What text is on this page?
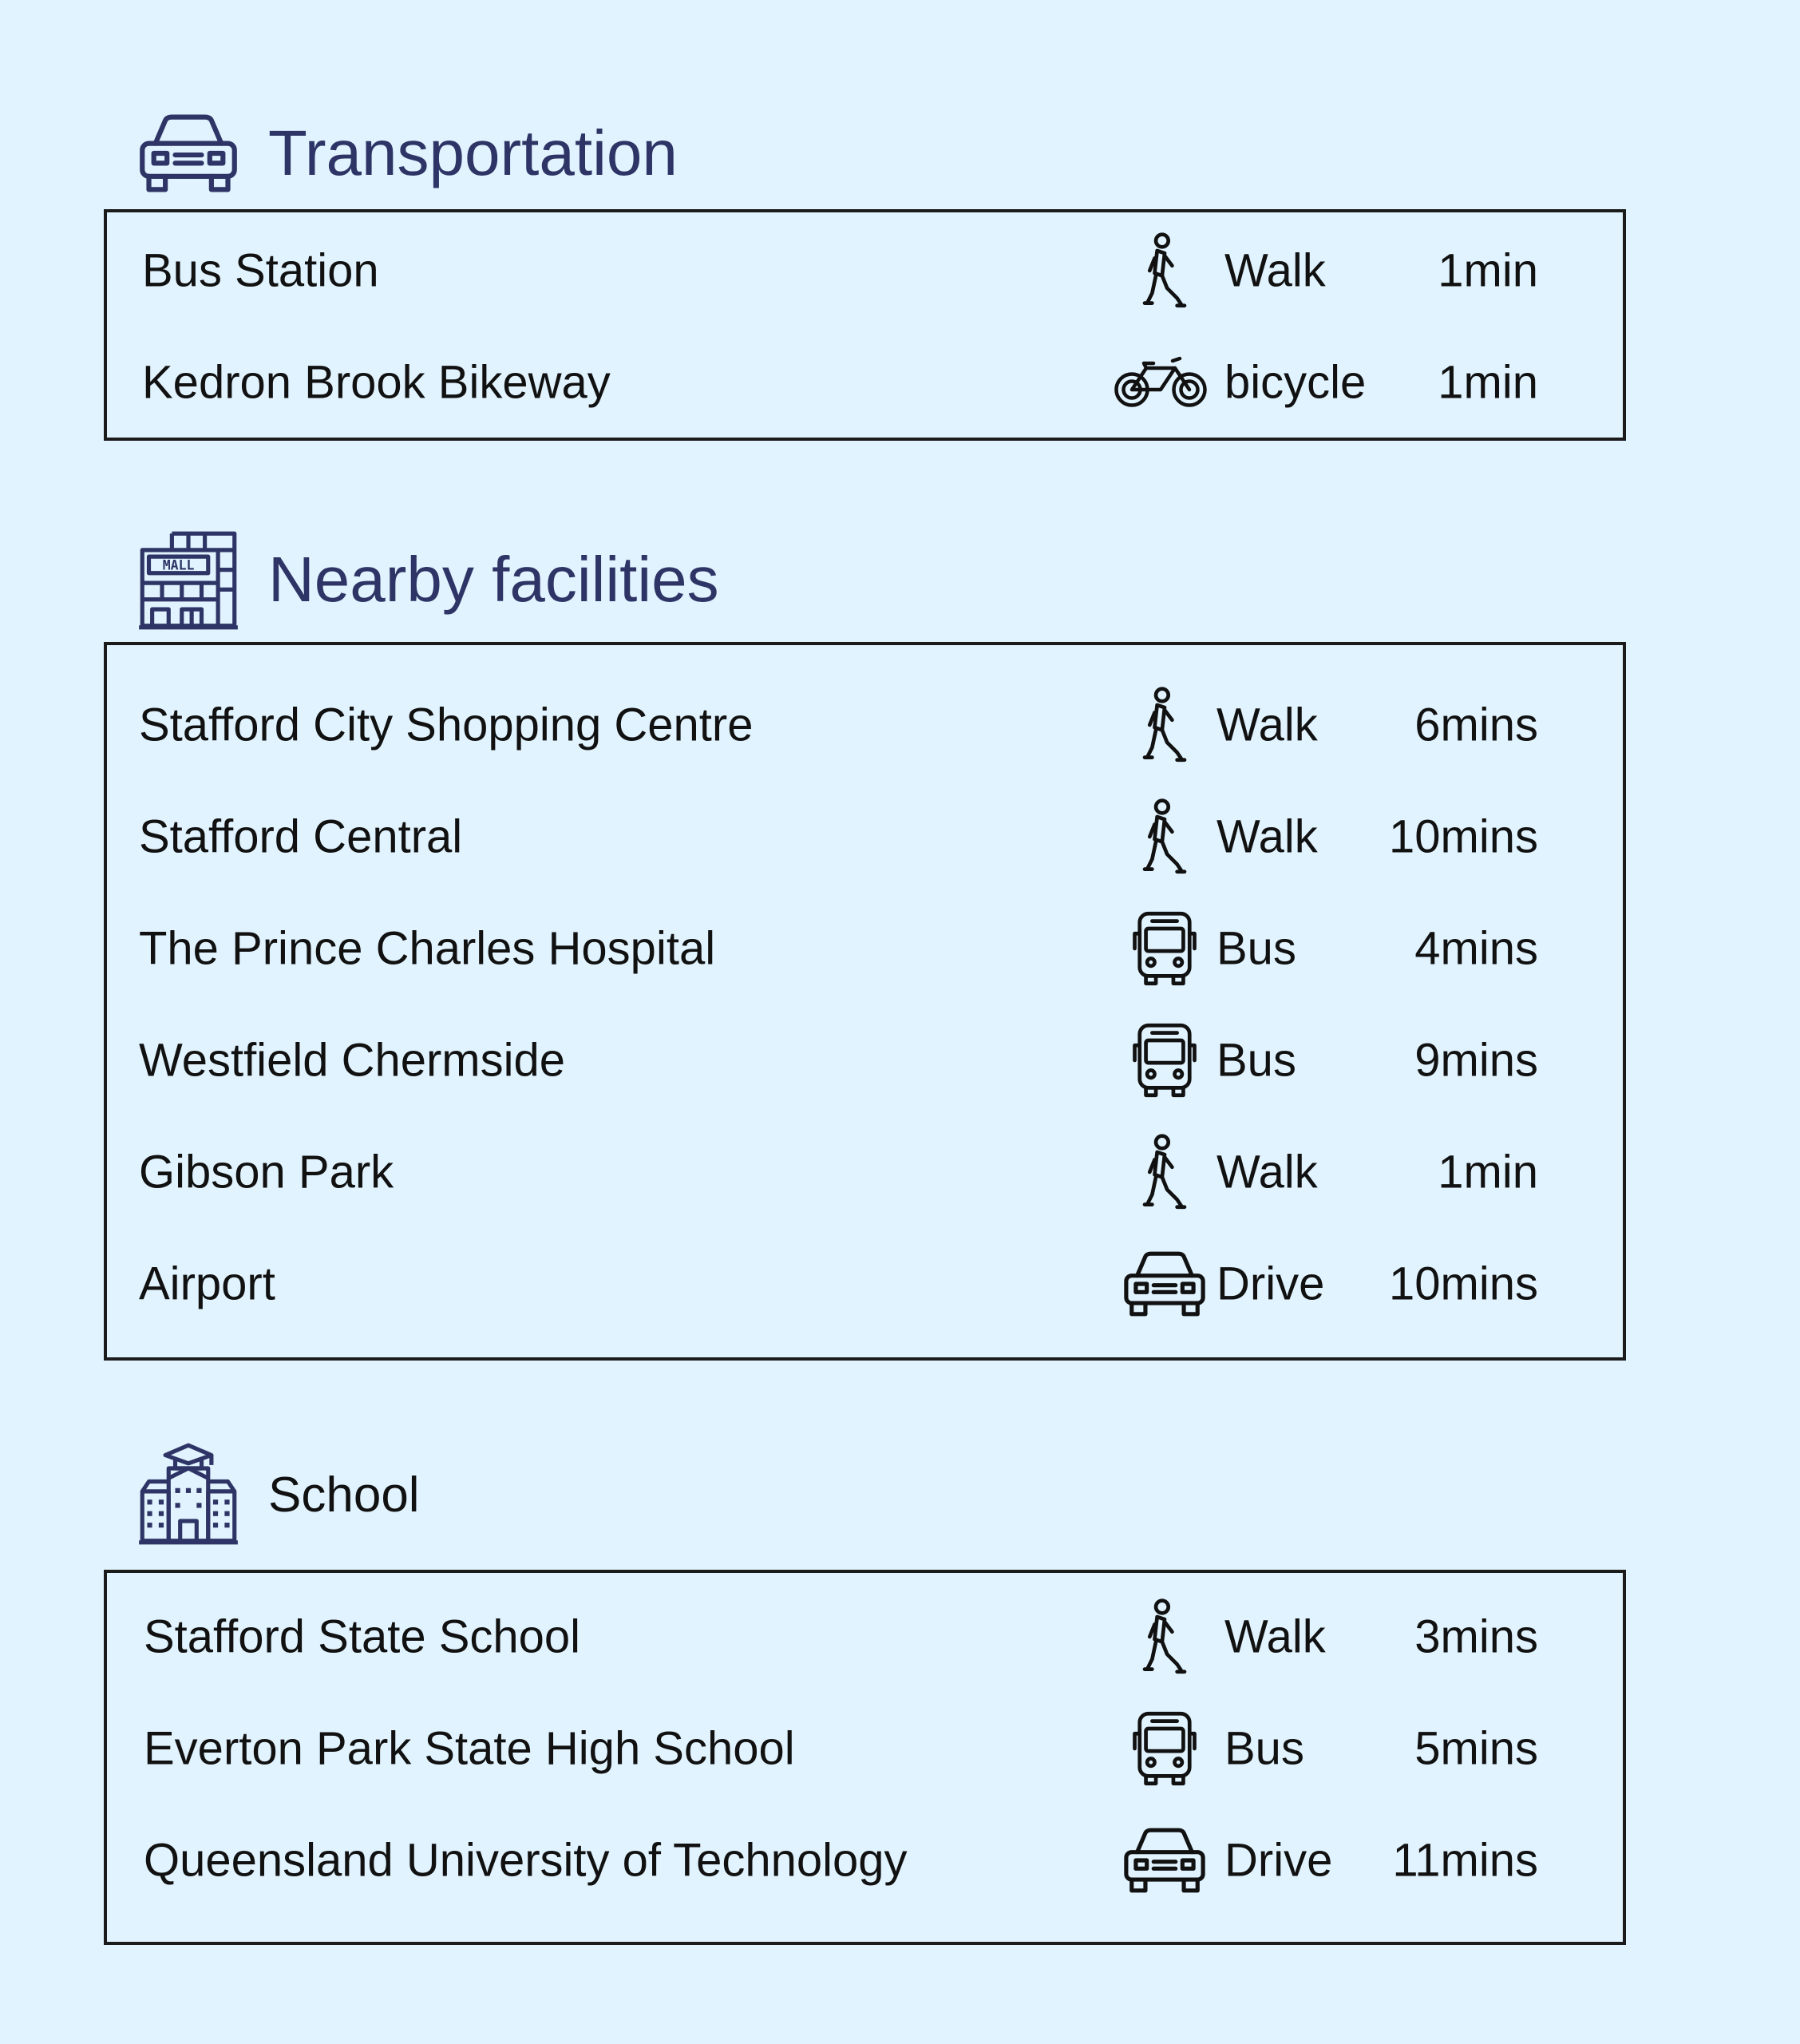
Transportation
Bus Station	Walk 1min
Kedron Brook Bikeway	bicycle 1min
Nearby facilities
Stafford City Shopping Centre	Walk 6mins
Stafford Central	Walk 10mins
The Prince Charles Hospital	Bus	4mins
Westfield Chermside	Bus	9mins
Gibson Park	Walk	1min
Airport	Drive 10mins
School
Stafford State School	Walk 3mins
Everton Park State High School	Bus 5mins
Queensland University of Technology	Drive 11mins
